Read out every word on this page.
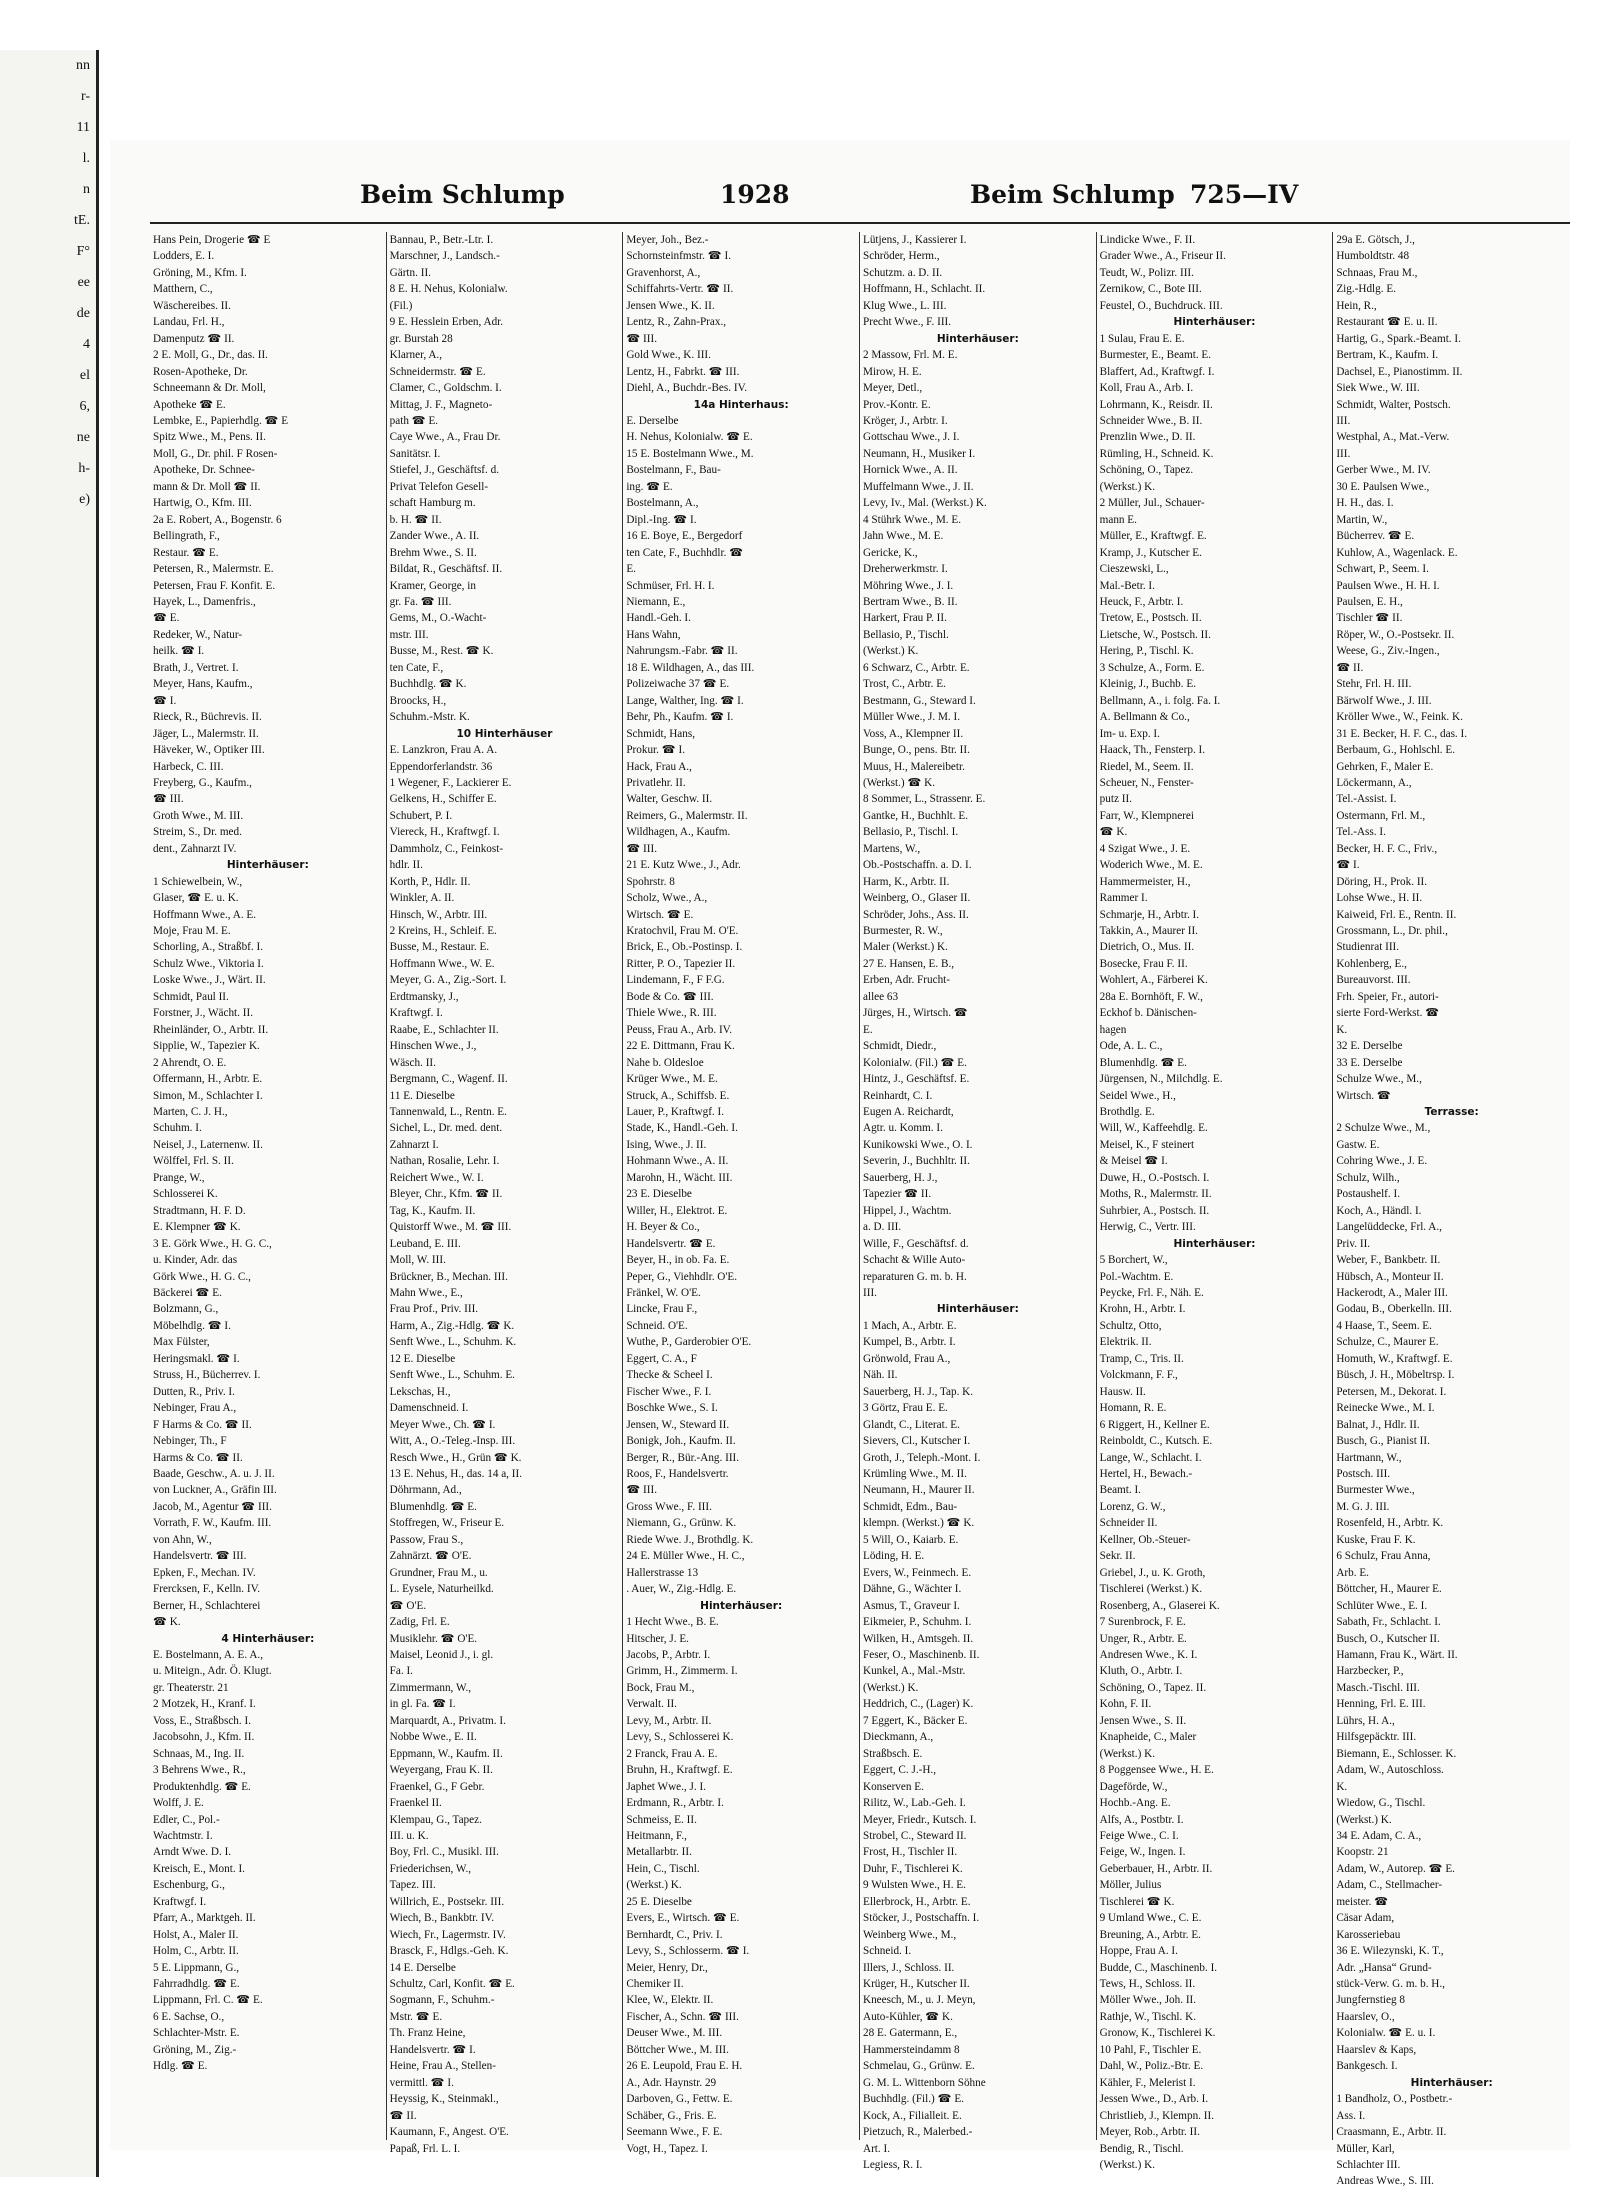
nn
r-
11
l.
n
tE.
F°
ee
de
4
el
6,
ne
h-
e)
Beim Schlump	1928	Beim Schlump 725—IV
Hans Pein, Drogerie ☎ E
Lodders, E. I.
Gröning, M., Kfm. I.
Matthern, C.,
Wäschereibes. II.
Landau, Frl. H.,
Damenputz ☎ II.
2 E. Moll, G., Dr., das. II.
Rosen-Apotheke, Dr.
Schneemann & Dr. Moll,
Apotheke ☎ E.
Lembke, E., Papierhdlg. ☎ E
Spitz Wwe., M., Pens. II.
Moll, G., Dr. phil. F Rosen-
Apotheke, Dr. Schnee-
mann & Dr. Moll ☎ II.
Hartwig, O., Kfm. III.
2a E. Robert, A., Bogenstr. 6
Bellingrath, F.,
Restaur. ☎ E.
Petersen, R., Malermstr. E.
Petersen, Frau F. Konfit. E.
Hayek, L., Damenfris.,
☎ E.
Redeker, W., Natur-
heilk. ☎ I.
Brath, J., Vertret. I.
Meyer, Hans, Kaufm.,
☎ I.
Rieck, R., Büchrevis. II.
Jäger, L., Malermstr. II.
Häveker, W., Optiker III.
Harbeck, C. III.
Freyberg, G., Kaufm.,
☎ III.
Groth Wwe., M. III.
Streim, S., Dr. med.
dent., Zahnarzt IV.
Hinterhäuser:
1 Schiewelbein, W.,
Glaser, ☎ E. u. K.
Hoffmann Wwe., A. E.
Moje, Frau M. E.
Schorling, A., Straßbf. I.
Schulz Wwe., Viktoria I.
Loske Wwe., J., Wärt. II.
Schmidt, Paul II.
Forstner, J., Wächt. II.
Rheinländer, O., Arbtr. II.
Sipplie, W., Tapezier K.
2 Ahrendt, O. E.
Offermann, H., Arbtr. E.
Simon, M., Schlachter I.
Marten, C. J. H.,
Schuhm. I.
Neisel, J., Laternenw. II.
Wölffel, Frl. S. II.
Prange, W.,
Schlosserei K.
Stradtmann, H. F. D.
E. Klempner ☎ K.
3 E. Görk Wwe., H. G. C.,
u. Kinder, Adr. das
Görk Wwe., H. G. C.,
Bäckerei ☎ E.
Bolzmann, G.,
Möbelhdlg. ☎ I.
Max Fülster,
Heringsmakl. ☎ I.
Struss, H., Bücherrev. I.
Dutten, R., Priv. I.
Nebinger, Frau A.,
F Harms & Co. ☎ II.
Nebinger, Th., F
Harms & Co. ☎ II.
Baade, Geschw., A. u. J. II.
von Luckner, A., Gräfin III.
Jacob, M., Agentur ☎ III.
Vorrath, F. W., Kaufm. III.
von Ahn, W.,
Handelsvertr. ☎ III.
Epken, F., Mechan. IV.
Frercksen, F., Kelln. IV.
Berner, H., Schlachterei
☎ K.
4 Hinterhäuser:
E. Bostelmann, A. E. A.,
u. Miteign., Adr. Ö. Klugt.
gr. Theaterstr. 21
2 Motzek, H., Kranf. I.
Voss, E., Straßbsch. I.
Jacobsohn, J., Kfm. II.
Schnaas, M., Ing. II.
3 Behrens Wwe., R.,
Produktenhdlg. ☎ E.
Wolff, J. E.
Edler, C., Pol.-
Wachtmstr. I.
Arndt Wwe. D. I.
Kreisch, E., Mont. I.
Eschenburg, G.,
Kraftwgf. I.
Pfarr, A., Marktgeh. II.
Holst, A., Maler II.
Holm, C., Arbtr. II.
5 E. Lippmann, G.,
Fahrradhdlg. ☎ E.
Lippmann, Frl. C. ☎ E.
6 E. Sachse, O.,
Schlachter-Mstr. E.
Gröning, M., Zig.-
Hdlg. ☎ E.
Bannau, P., Betr.-Ltr. I.
Marschner, J., Landsch.-
Gärtn. II.
8 E. H. Nehus, Kolonialw.
(Fil.)
9 E. Hesslein Erben, Adr.
gr. Burstah 28
Klarner, A.,
Schneidermstr. ☎ E.
Clamer, C., Goldschm. I.
Mittag, J. F., Magneto-
path ☎ E.
Caye Wwe., A., Frau Dr.
Sanitätsr. I.
Stiefel, J., Geschäftsf. d.
Privat Telefon Gesell-
schaft Hamburg m.
b. H. ☎ II.
Zander Wwe., A. II.
Brehm Wwe., S. II.
Bildat, R., Geschäftsf. II.
Kramer, George, in
gr. Fa. ☎ III.
Gems, M., O.-Wacht-
mstr. III.
Busse, M., Rest. ☎ K.
ten Cate, F.,
Buchhdlg. ☎ K.
Broocks, H.,
Schuhm.-Mstr. K.
10 Hinterhäuser
E. Lanzkron, Frau A. A.
Eppendorferlandstr. 36
1 Wegener, F., Lackierer E.
Gelkens, H., Schiffer E.
Schubert, P. I.
Viereck, H., Kraftwgf. I.
Dammholz, C., Feinkost-
hdlr. II.
Korth, P., Hdlr. II.
Winkler, A. II.
Hinsch, W., Arbtr. III.
2 Kreins, H., Schleif. E.
Busse, M., Restaur. E.
Hoffmann Wwe., W. E.
Meyer, G. A., Zig.-Sort. I.
Erdtmansky, J.,
Kraftwgf. I.
Raabe, E., Schlachter II.
Hinschen Wwe., J.,
Wäsch. II.
Bergmann, C., Wagenf. II.
11 E. Dieselbe
Tannenwald, L., Rentn. E.
Sichel, L., Dr. med. dent.
Zahnarzt I.
Nathan, Rosalie, Lehr. I.
Reichert Wwe., W. I.
Bleyer, Chr., Kfm. ☎ II.
Tag, K., Kaufm. II.
Quistorff Wwe., M. ☎ III.
Leuband, E. III.
Moll, W. III.
Brückner, B., Mechan. III.
Mahn Wwe., E.,
Frau Prof., Priv. III.
Harm, A., Zig.-Hdlg. ☎ K.
Senft Wwe., L., Schuhm. K.
12 E. Dieselbe
Senft Wwe., L., Schuhm. E.
Lekschas, H.,
Damenschneid. I.
Meyer Wwe., Ch. ☎ I.
Witt, A., O.-Teleg.-Insp. III.
Resch Wwe., H., Grün ☎ K.
13 E. Nehus, H., das. 14 a, II.
Döhrmann, Ad.,
Blumenhdlg. ☎ E.
Stoffregen, W., Friseur E.
Passow, Frau S.,
Zahnärzt. ☎ O'E.
Grundner, Frau M., u.
L. Eysele, Naturheilkd.
☎ O'E.
Zadig, Frl. E.
Musiklehr. ☎ O'E.
Maisel, Leonid J., i. gl.
Fa. I.
Zimmermann, W.,
in gl. Fa. ☎ I.
Marquardt, A., Privatm. I.
Nobbe Wwe., E. II.
Eppmann, W., Kaufm. II.
Weyergang, Frau K. II.
Fraenkel, G., F Gebr.
Fraenkel II.
Klempau, G., Tapez.
III. u. K.
Boy, Frl. C., Musikl. III.
Friederichsen, W.,
Tapez. III.
Willrich, E., Postsekr. III.
Wiech, B., Bankbtr. IV.
Wiech, Fr., Lagermstr. IV.
Brasck, F., Hdlgs.-Geh. K.
14 E. Derselbe
Schultz, Carl, Konfit. ☎ E.
Sogmann, F., Schuhm.-
Mstr. ☎ E.
Th. Franz Heine,
Handelsvertr. ☎ I.
Heine, Frau A., Stellen-
vermittl. ☎ I.
Heyssig, K., Steinmakl.,
☎ II.
Kaumann, F., Angest. O'E.
Papaß, Frl. L. I.
Meyer, Joh., Bez.-
Schornsteinfmstr. ☎ I.
Gravenhorst, A.,
Schiffahrts-Vertr. ☎ II.
Jensen Wwe., K. II.
Lentz, R., Zahn-Prax.,
☎ III.
Gold Wwe., K. III.
Lentz, H., Fabrkt. ☎ III.
Diehl, A., Buchdr.-Bes. IV.
14a Hinterhaus:
E. Derselbe
H. Nehus, Kolonialw. ☎ E.
15 E. Bostelmann Wwe., M.
Bostelmann, F., Bau-
ing. ☎ E.
Bostelmann, A.,
Dipl.-Ing. ☎ I.
16 E. Boye, E., Bergedorf
ten Cate, F., Buchhdlr. ☎
E.
Schmüser, Frl. H. I.
Niemann, E.,
Handl.-Geh. I.
Hans Wahn,
Nahrungsm.-Fabr. ☎ II.
18 E. Wildhagen, A., das III.
Polizeiwache 37 ☎ E.
Lange, Walther, Ing. ☎ I.
Behr, Ph., Kaufm. ☎ I.
Schmidt, Hans,
Prokur. ☎ I.
Hack, Frau A.,
Privatlehr. II.
Walter, Geschw. II.
Reimers, G., Malermstr. II.
Wildhagen, A., Kaufm.
☎ III.
21 E. Kutz Wwe., J., Adr.
Spohrstr. 8
Scholz, Wwe., A.,
Wirtsch. ☎ E.
Kratochvil, Frau M. O'E.
Brick, E., Ob.-Postinsp. I.
Ritter, P. O., Tapezier II.
Lindemann, F., F F.G.
Bode & Co. ☎ III.
Thiele Wwe., R. III.
Peuss, Frau A., Arb. IV.
22 E. Dittmann, Frau K.
Nahe b. Oldesloe
Krüger Wwe., M. E.
Struck, A., Schiffsb. E.
Lauer, P., Kraftwgf. I.
Stade, K., Handl.-Geh. I.
Ising, Wwe., J. II.
Hohmann Wwe., A. II.
Marohn, H., Wächt. III.
23 E. Dieselbe
Willer, H., Elektrot. E.
H. Beyer & Co.,
Handelsvertr. ☎ E.
Beyer, H., in ob. Fa. E.
Peper, G., Viehhdlr. O'E.
Fränkel, W. O'E.
Lincke, Frau F.,
Schneid. O'E.
Wuthe, P., Garderobier O'E.
Eggert, C. A., F
Thecke & Scheel I.
Fischer Wwe., F. I.
Boschke Wwe., S. I.
Jensen, W., Steward II.
Bonigk, Joh., Kaufm. II.
Berger, R., Bür.-Ang. III.
Roos, F., Handelsvertr.
☎ III.
Gross Wwe., F. III.
Niemann, G., Grünw. K.
Riede Wwe. J., Brothdlg. K.
24 E. Müller Wwe., H. C.,
Hallerstrasse 13
. Auer, W., Zig.-Hdlg. E.
Hinterhäuser:
1 Hecht Wwe., B. E.
Hitscher, J. E.
Jacobs, P., Arbtr. I.
Grimm, H., Zimmerm. I.
Bock, Frau M.,
Verwalt. II.
Levy, M., Arbtr. II.
Levy, S., Schlosserei K.
2 Franck, Frau A. E.
Bruhn, H., Kraftwgf. E.
Japhet Wwe., J. I.
Erdmann, R., Arbtr. I.
Schmeiss, E. II.
Heitmann, F.,
Metallarbtr. II.
Hein, C., Tischl.
(Werkst.) K.
25 E. Dieselbe
Evers, E., Wirtsch. ☎ E.
Bernhardt, C., Priv. I.
Levy, S., Schlosserm. ☎ I.
Meier, Henry, Dr.,
Chemiker II.
Klee, W., Elektr. II.
Fischer, A., Schn. ☎ III.
Deuser Wwe., M. III.
Böttcher Wwe., M. III.
26 E. Leupold, Frau E. H.
A., Adr. Haynstr. 29
Darboven, G., Fettw. E.
Schäber, G., Fris. E.
Seemann Wwe., F. E.
Vogt, H., Tapez. I.
Lütjens, J., Kassierer I.
Schröder, Herm.,
Schutzm. a. D. II.
Hoffmann, H., Schlacht. II.
Klug Wwe., L. III.
Precht Wwe., F. III.
Hinterhäuser:
2 Massow, Frl. M. E.
Mirow, H. E.
Meyer, Detl.,
Prov.-Kontr. E.
Kröger, J., Arbtr. I.
Gottschau Wwe., J. I.
Neumann, H., Musiker I.
Hornick Wwe., A. II.
Muffelmann Wwe., J. II.
Levy, Iv., Mal. (Werkst.) K.
4 Stührk Wwe., M. E.
Jahn Wwe., M. E.
Gericke, K.,
Dreherwerkmstr. I.
Möhring Wwe., J. I.
Bertram Wwe., B. II.
Harkert, Frau P. II.
Bellasio, P., Tischl.
(Werkst.) K.
6 Schwarz, C., Arbtr. E.
Trost, C., Arbtr. E.
Bestmann, G., Steward I.
Müller Wwe., J. M. I.
Voss, A., Klempner II.
Bunge, O., pens. Btr. II.
Muus, H., Malereibetr.
(Werkst.) ☎ K.
8 Sommer, L., Strassenr. E.
Gantke, H., Buchhlt. E.
Bellasio, P., Tischl. I.
Martens, W.,
Ob.-Postschaffn. a. D. I.
Harm, K., Arbtr. II.
Weinberg, O., Glaser II.
Schröder, Johs., Ass. II.
Burmester, R. W.,
Maler (Werkst.) K.
27 E. Hansen, E. B.,
Erben, Adr. Frucht-
allee 63
Jürges, H., Wirtsch. ☎
E.
Schmidt, Diedr.,
Kolonialw. (Fil.) ☎ E.
Hintz, J., Geschäftsf. E.
Reinhardt, C. I.
Eugen A. Reichardt,
Agtr. u. Komm. I.
Kunikowski Wwe., O. I.
Severin, J., Buchhltr. II.
Sauerberg, H. J.,
Tapezier ☎ II.
Hippel, J., Wachtm.
a. D. III.
Wille, F., Geschäftsf. d.
Schacht & Wille Auto-
reparaturen G. m. b. H.
III.
Hinterhäuser:
1 Mach, A., Arbtr. E.
Kumpel, B., Arbtr. I.
Grönwold, Frau A.,
Näh. II.
Sauerberg, H. J., Tap. K.
3 Görtz, Frau E. E.
Glandt, C., Literat. E.
Sievers, Cl., Kutscher I.
Groth, J., Teleph.-Mont. I.
Krümling Wwe., M. II.
Neumann, H., Maurer II.
Schmidt, Edm., Bau-
klempn. (Werkst.) ☎ K.
5 Will, O., Kaiarb. E.
Löding, H. E.
Evers, W., Feinmech. E.
Dähne, G., Wächter I.
Asmus, T., Graveur I.
Eikmeier, P., Schuhm. I.
Wilken, H., Amtsgeh. II.
Feser, O., Maschinenb. II.
Kunkel, A., Mal.-Mstr.
(Werkst.) K.
Heddrich, C., (Lager) K.
7 Eggert, K., Bäcker E.
Dieckmann, A.,
Straßbsch. E.
Eggert, C. J.-H.,
Konserven E.
Rilitz, W., Lab.-Geh. I.
Meyer, Friedr., Kutsch. I.
Strobel, C., Steward II.
Frost, H., Tischler II.
Duhr, F., Tischlerei K.
9 Wulsten Wwe., H. E.
Ellerbrock, H., Arbtr. E.
Stöcker, J., Postschaffn. I.
Weinberg Wwe., M.,
Schneid. I.
Illers, J., Schloss. II.
Krüger, H., Kutscher II.
Kneesch, M., u. J. Meyn,
Auto-Kühler, ☎ K.
28 E. Gatermann, E.,
Hammersteindamm 8
Schmelau, G., Grünw. E.
G. M. L. Wittenborn Söhne
Buchhdlg. (Fil.) ☎ E.
Kock, A., Filialleit. E.
Pietzuch, R., Malerbed.-
Art. I.
Legiess, R. I.
Lindicke Wwe., F. II.
Grader Wwe., A., Friseur II.
Teudt, W., Polizr. III.
Zernikow, C., Bote III.
Feustel, O., Buchdruck. III.
Hinterhäuser:
1 Sulau, Frau E. E.
Burmester, E., Beamt. E.
Blaffert, Ad., Kraftwgf. I.
Koll, Frau A., Arb. I.
Lohrmann, K., Reisdr. II.
Schneider Wwe., B. II.
Prenzlin Wwe., D. II.
Rümling, H., Schneid. K.
Schöning, O., Tapez.
(Werkst.) K.
2 Müller, Jul., Schauer-
mann E.
Müller, E., Kraftwgf. E.
Kramp, J., Kutscher E.
Cieszewski, L.,
Mal.-Betr. I.
Heuck, F., Arbtr. I.
Tretow, E., Postsch. II.
Lietsche, W., Postsch. II.
Hering, P., Tischl. K.
3 Schulze, A., Form. E.
Kleinig, J., Buchb. E.
Bellmann, A., i. folg. Fa. I.
A. Bellmann & Co.,
Im- u. Exp. I.
Haack, Th., Fensterp. I.
Riedel, M., Seem. II.
Scheuer, N., Fenster-
putz II.
Farr, W., Klempnerei
☎ K.
4 Szigat Wwe., J. E.
Woderich Wwe., M. E.
Hammermeister, H.,
Rammer I.
Schmarje, H., Arbtr. I.
Takkin, A., Maurer II.
Dietrich, O., Mus. II.
Bosecke, Frau F. II.
Wohlert, A., Färberei K.
28a E. Bornhöft, F. W.,
Eckhof b. Dänischen-
hagen
Ode, A. L. C.,
Blumenhdlg. ☎ E.
Jürgensen, N., Milchdlg. E.
Seidel Wwe., H.,
Brothdlg. E.
Will, W., Kaffeehdlg. E.
Meisel, K., F steinert
& Meisel ☎ I.
Duwe, H., O.-Postsch. I.
Moths, R., Malermstr. II.
Suhrbier, A., Postsch. II.
Herwig, C., Vertr. III.
Hinterhäuser:
5 Borchert, W.,
Pol.-Wachtm. E.
Peycke, Frl. F., Näh. E.
Krohn, H., Arbtr. I.
Schultz, Otto,
Elektrik. II.
Tramp, C., Tris. II.
Volckmann, F. F.,
Hausw. II.
Homann, R. E.
6 Riggert, H., Kellner E.
Reinboldt, C., Kutsch. E.
Lange, W., Schlacht. I.
Hertel, H., Bewach.-
Beamt. I.
Lorenz, G. W.,
Schneider II.
Kellner, Ob.-Steuer-
Sekr. II.
Griebel, J., u. K. Groth,
Tischlerei (Werkst.) K.
Rosenberg, A., Glaserei K.
7 Surenbrock, F. E.
Unger, R., Arbtr. E.
Andresen Wwe., K. I.
Kluth, O., Arbtr. I.
Schöning, O., Tapez. II.
Kohn, F. II.
Jensen Wwe., S. II.
Knapheide, C., Maler
(Werkst.) K.
8 Poggensee Wwe., H. E.
Dageförde, W.,
Hochb.-Ang. E.
Alfs, A., Postbtr. I.
Feige Wwe., C. I.
Feige, W., Ingen. I.
Geberbauer, H., Arbtr. II.
Möller, Julius
Tischlerei ☎ K.
9 Umland Wwe., C. E.
Breuning, A., Arbtr. E.
Hoppe, Frau A. I.
Budde, C., Maschinenb. I.
Tews, H., Schloss. II.
Möller Wwe., Joh. II.
Rathje, W., Tischl. K.
Gronow, K., Tischlerei K.
10 Pahl, F., Tischler E.
Dahl, W., Poliz.-Btr. E.
Kähler, F., Melerist I.
Jessen Wwe., D., Arb. I.
Christlieb, J., Klempn. II.
Meyer, Rob., Arbtr. II.
Bendig, R., Tischl.
(Werkst.) K.
29a E. Götsch, J.,
Humboldtstr. 48
Schnaas, Frau M.,
Zig.-Hdlg. E.
Hein, R.,
Restaurant ☎ E. u. II.
Hartig, G., Spark.-Beamt. I.
Bertram, K., Kaufm. I.
Dachsel, E., Pianostimm. II.
Siek Wwe., W. III.
Schmidt, Walter, Postsch.
III.
Westphal, A., Mat.-Verw.
III.
Gerber Wwe., M. IV.
30 E. Paulsen Wwe.,
H. H., das. I.
Martin, W.,
Bücherrev. ☎ E.
Kuhlow, A., Wagenlack. E.
Schwart, P., Seem. I.
Paulsen Wwe., H. H. I.
Paulsen, E. H.,
Tischler ☎ II.
Röper, W., O.-Postsekr. II.
Weese, G., Ziv.-Ingen.,
☎ II.
Stehr, Frl. H. III.
Bärwolf Wwe., J. III.
Kröller Wwe., W., Feink. K.
31 E. Becker, H. F. C., das. I.
Berbaum, G., Hohlschl. E.
Gehrken, F., Maler E.
Löckermann, A.,
Tel.-Assist. I.
Ostermann, Frl. M.,
Tel.-Ass. I.
Becker, H. F. C., Friv.,
☎ I.
Döring, H., Prok. II.
Lohse Wwe., H. II.
Kaiweid, Frl. E., Rentn. II.
Grossmann, L., Dr. phil.,
Studienrat III.
Kohlenberg, E.,
Bureauvorst. III.
Frh. Speier, Fr., autori-
sierte Ford-Werkst. ☎
K.
32 E. Derselbe
33 E. Derselbe
Schulze Wwe., M.,
Wirtsch. ☎
Terrasse:
2 Schulze Wwe., M.,
Gastw. E.
Cohring Wwe., J. E.
Schulz, Wilh.,
Postaushelf. I.
Koch, A., Händl. I.
Langelüddecke, Frl. A.,
Priv. II.
Weber, F., Bankbetr. II.
Hübsch, A., Monteur II.
Hackerodt, A., Maler III.
Godau, B., Oberkelln. III.
4 Haase, T., Seem. E.
Schulze, C., Maurer E.
Homuth, W., Kraftwgf. E.
Büsch, J. H., Möbeltrsp. I.
Petersen, M., Dekorat. I.
Reinecke Wwe., M. I.
Balnat, J., Hdlr. II.
Busch, G., Pianist II.
Hartmann, W.,
Postsch. III.
Burmester Wwe.,
M. G. J. III.
Rosenfeld, H., Arbtr. K.
Kuske, Frau F. K.
6 Schulz, Frau Anna,
Arb. E.
Böttcher, H., Maurer E.
Schlüter Wwe., E. I.
Sabath, Fr., Schlacht. I.
Busch, O., Kutscher II.
Hamann, Frau K., Wärt. II.
Harzbecker, P.,
Masch.-Tischl. III.
Henning, Frl. E. III.
Lührs, H. A.,
Hilfsgepäcktr. III.
Biemann, E., Schlosser. K.
Adam, W., Autoschloss.
K.
Wiedow, G., Tischl.
(Werkst.) K.
34 E. Adam, C. A.,
Koopstr. 21
Adam, W., Autorep. ☎ E.
Adam, C., Stellmacher-
meister. ☎
Cäsar Adam,
Karosseriebau
36 E. Wilezynski, K. T.,
Adr. „Hansa“ Grund-
stück-Verw. G. m. b. H.,
Jungfernstieg 8
Haarslev, O.,
Kolonialw. ☎ E. u. I.
Haarslev & Kaps,
Bankgesch. I.
Hinterhäuser:
1 Bandholz, O., Postbetr.-
Ass. I.
Craasmann, E., Arbtr. II.
Müller, Karl,
Schlachter III.
Andreas Wwe., S. III.
